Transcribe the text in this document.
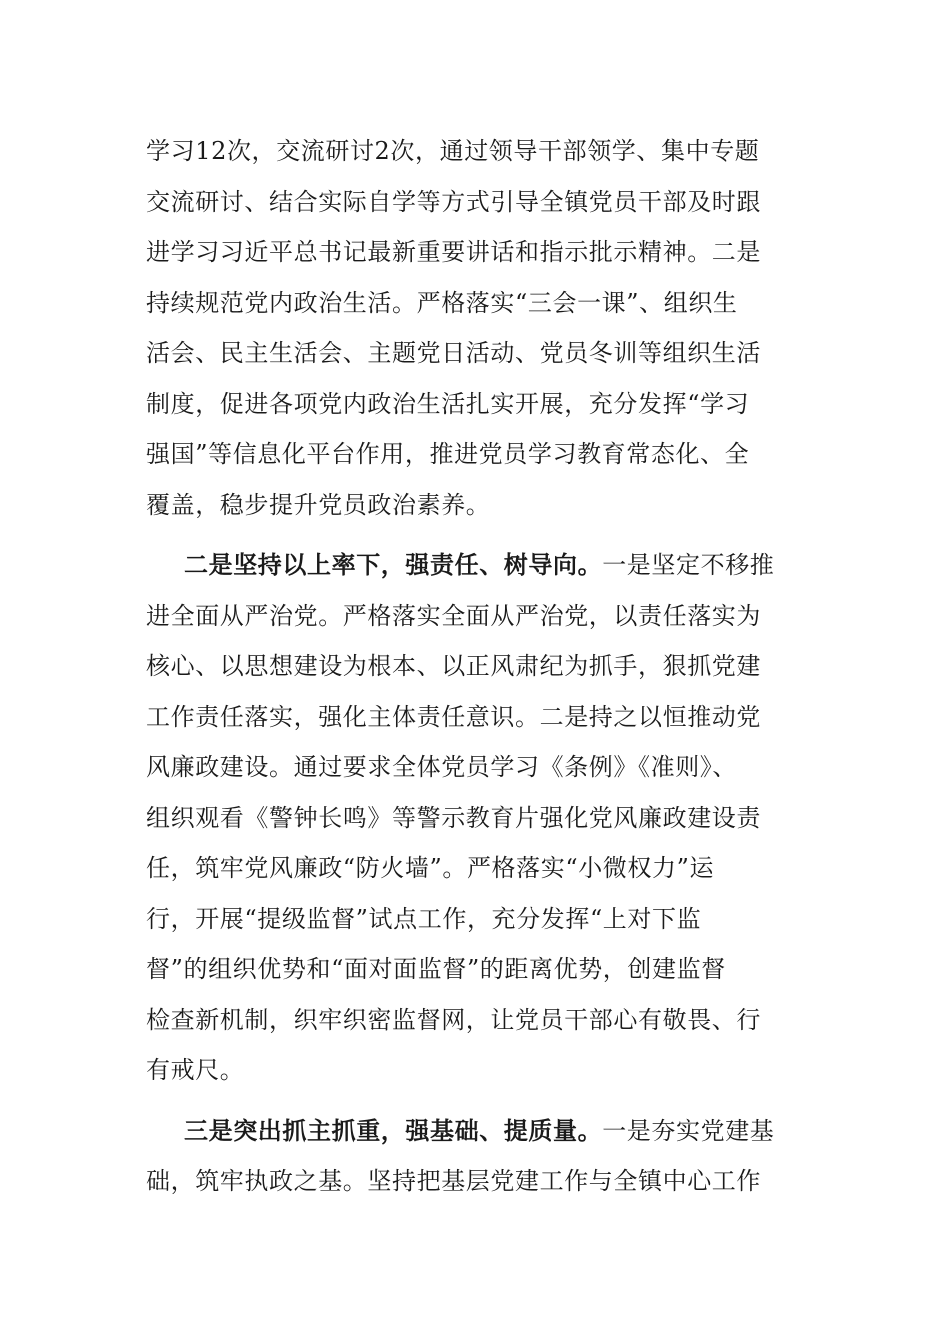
学习12次，交流研讨2次，通过领导干部领学、集中专题
交流研讨、结合实际自学等方式引导全镇党员干部及时跟
进学习习近平总书记最新重要讲话和指示批示精神。二是
持续规范党内政治生活。严格落实“三会一课”、组织生
活会、民主生活会、主题党日活动、党员冬训等组织生活
制度，促进各项党内政治生活扎实开展，充分发挥“学习
强国”等信息化平台作用，推进党员学习教育常态化、全
覆盖，稳步提升党员政治素养。

二是坚持以上率下，强责任、树导向。一是坚定不移推
进全面从严治党。严格落实全面从严治党，以责任落实为
核心、以思想建设为根本、以正风肃纪为抓手，狠抓党建
工作责任落实，强化主体责任意识。二是持之以恒推动党
风廉政建设。通过要求全体党员学习《条例》《准则》、
组织观看《警钟长鸣》等警示教育片强化党风廉政建设责
任，筑牢党风廉政“防火墙”。严格落实“小微权力”运
行，开展“提级监督”试点工作，充分发挥“上对下监
督”的组织优势和“面对面监督”的距离优势，创建监督
检查新机制，织牢织密监督网，让党员干部心有敬畏、行
有戒尺。

三是突出抓主抓重，强基础、提质量。一是夯实党建基
础，筑牢执政之基。坚持把基层党建工作与全镇中心工作
